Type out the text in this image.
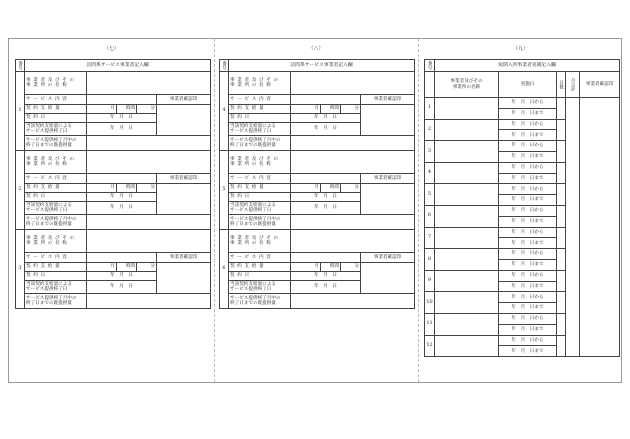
（七）
番号	訪問系サービス事業者記入欄				
1	事 業 者 及 び そ の
事 業 所 の 名 称				
	サ ー ビ ス 内 容				事業者確認印
	契 約 支 給 量	月	時間	分	
	契 約 日	年　月　日			
	当該契約支給量による
サービス提供終了日	年　月　日			
	サービス提供終了月中の
終了日までの既提供量				
2	事 業 者 及 び そ の
事 業 所 の 名 称				
	サ ー ビ ス 内 容				事業者確認印
	契 約 支 給 量	月	時間	分	
	契 約 日	年　月　日			
	当該契約支給量による
サービス提供終了日	年　月　日			
	サービス提供終了月中の
終了日までの既提供量				
3	事 業 者 及 び そ の
事 業 所 の 名 称				
	サ ー ビ ス 内 容				事業者確認印
	契 約 支 給 量	月	時間	分	
	契 約 日	年　月　日			
	当該契約支給量による
サービス提供終了日	年　月　日			
	サービス提供終了月中の
終了日までの既提供量				
（八）
番号	訪問系サービス事業者記入欄				
4	事 業 者 及 び そ の
事 業 所 の 名 称				
	サ ー ビ ス 内 容				事業者確認印
	契 約 支 給 量	月	時間	分	
	契 約 日	年　月　日			
	当該契約支給量による
サービス提供終了日	年　月　日			
	サービス提供終了月中の
終了日までの既提供量				
5	事 業 者 及 び そ の
事 業 所 の 名 称				
	サ ー ビ ス 内 容				事業者確認印
	契 約 支 給 量	月	時間	分	
	契 約 日	年　月　日			
	当該契約支給量による
サービス提供終了日	年　月　日			
	サービス提供終了月中の
終了日までの既提供量				
6	事 業 者 及 び そ の
事 業 所 の 名 称				
	サ ー ビ ス 内 容				事業者確認印
	契 約 支 給 量	月	時間	分	
	契 約 日	年　月　日			
	当該契約支給量による
サービス提供終了日	年　月　日			
	サービス提供終了月中の
終了日までの既提供量				
（九）
番号	短期入所事業者実績記入欄				
	事業者及びその
事業所の名称	実施日	日数	月合計	事業者確認印
1		年　月　日から			
		年　月　日まで			
2		年　月　日から			
		年　月　日まで			
3		年　月　日から			
		年　月　日まで			
4		年　月　日から			
		年　月　日まで			
5		年　月　日から			
		年　月　日まで			
6		年　月　日から			
		年　月　日まで			
7		年　月　日から			
		年　月　日まで			
8		年　月　日から			
		年　月　日まで			
9		年　月　日から			
		年　月　日まで			
10		年　月　日から			
		年　月　日まで			
11		年　月　日から			
		年　月　日まで			
12		年　月　日から			
		年　月　日まで			
